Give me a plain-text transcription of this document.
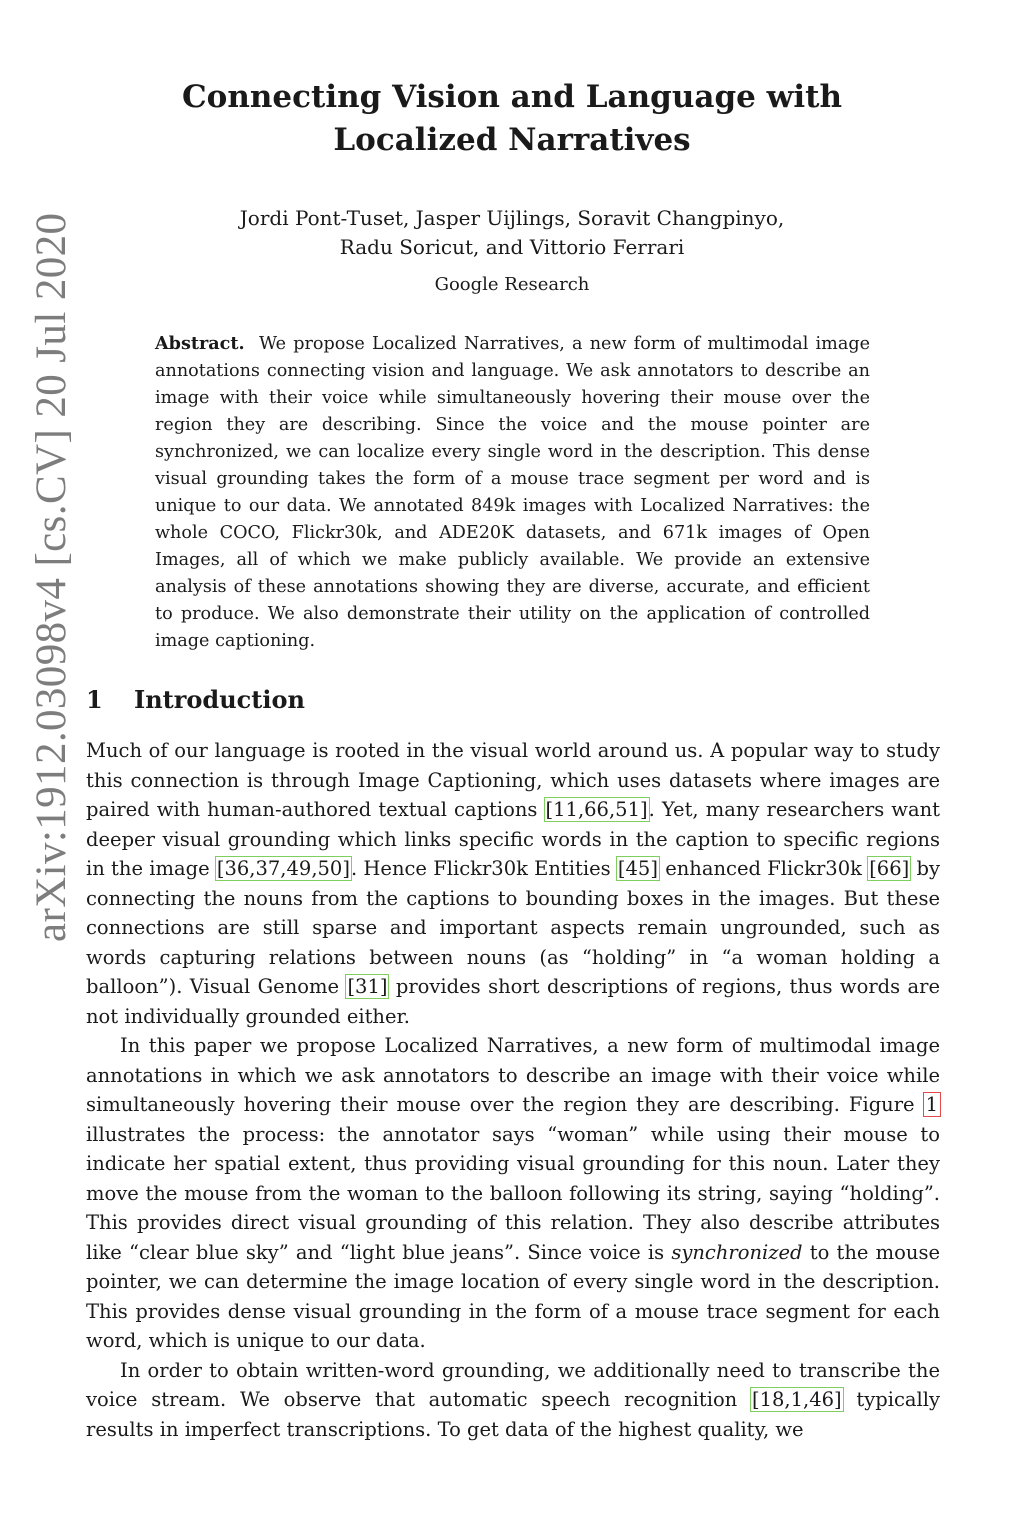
arXiv:1912.03098v4 [cs.CV] 20 Jul 2020
Connecting Vision and Language with
Localized Narratives
Jordi Pont-Tuset, Jasper Uijlings, Soravit Changpinyo,
Radu Soricut, and Vittorio Ferrari
Google Research
Abstract. We propose Localized Narratives, a new form of multimodal image annotations connecting vision and language. We ask annotators to describe an image with their voice while simultaneously hovering their mouse over the region they are describing. Since the voice and the mouse pointer are synchronized, we can localize every single word in the description. This dense visual grounding takes the form of a mouse trace segment per word and is unique to our data. We annotated 849k images with Localized Narratives: the whole COCO, Flickr30k, and ADE20K datasets, and 671k images of Open Images, all of which we make publicly available. We provide an extensive analysis of these annotations showing they are diverse, accurate, and efficient to produce. We also demonstrate their utility on the application of controlled image captioning.
1 Introduction

Much of our language is rooted in the visual world around us. A popular way to study this connection is through Image Captioning, which uses datasets where images are paired with human-authored textual captions [11,66,51]. Yet, many researchers want deeper visual grounding which links specific words in the caption to specific regions in the image [36,37,49,50]. Hence Flickr30k Entities [45] enhanced Flickr30k [66] by connecting the nouns from the captions to bounding boxes in the images. But these connections are still sparse and important aspects remain ungrounded, such as words capturing relations between nouns (as “holding” in “a woman holding a balloon”). Visual Genome [31] provides short descriptions of regions, thus words are not individually grounded either.

In this paper we propose Localized Narratives, a new form of multimodal image annotations in which we ask annotators to describe an image with their voice while simultaneously hovering their mouse over the region they are describing. Figure 1 illustrates the process: the annotator says “woman” while using their mouse to indicate her spatial extent, thus providing visual grounding for this noun. Later they move the mouse from the woman to the balloon following its string, saying “holding”. This provides direct visual grounding of this relation. They also describe attributes like “clear blue sky” and “light blue jeans”. Since voice is synchronized to the mouse pointer, we can determine the image location of every single word in the description. This provides dense visual grounding in the form of a mouse trace segment for each word, which is unique to our data.

In order to obtain written-word grounding, we additionally need to transcribe the voice stream. We observe that automatic speech recognition [18,1,46] typically results in imperfect transcriptions. To get data of the highest quality, we
